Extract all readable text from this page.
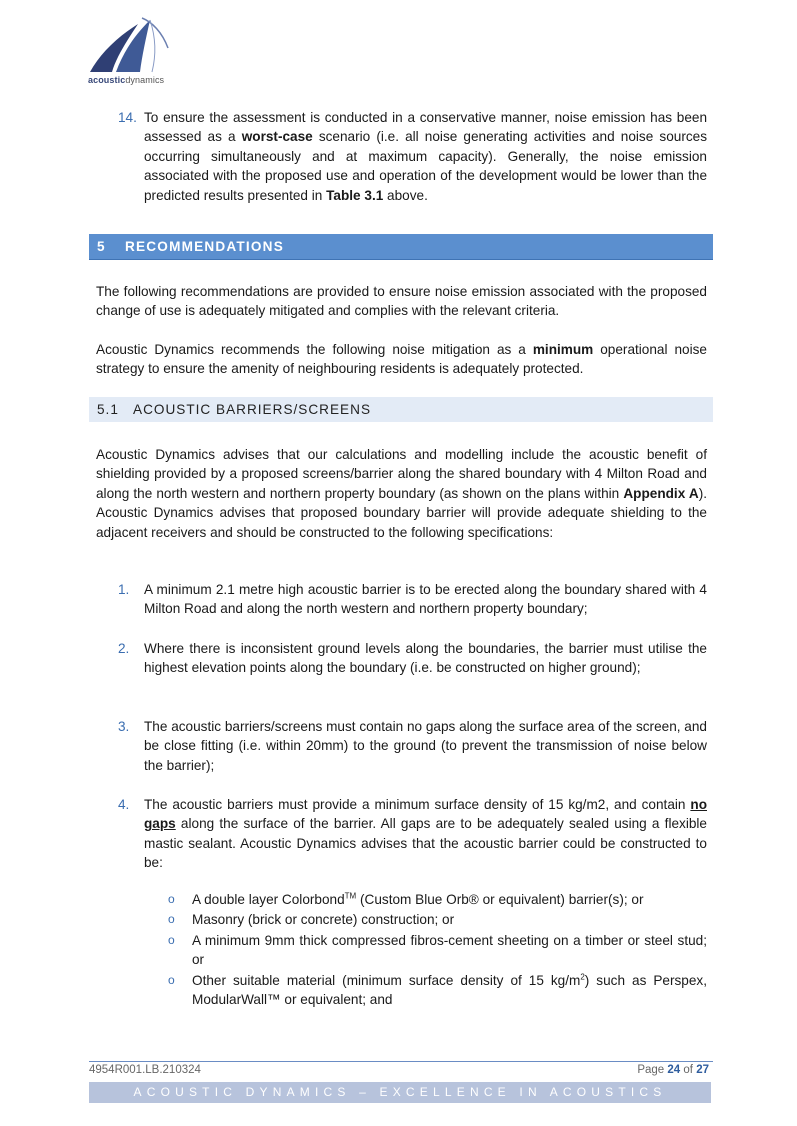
acousticdynamics
14. To ensure the assessment is conducted in a conservative manner, noise emission has been assessed as a worst-case scenario (i.e. all noise generating activities and noise sources occurring simultaneously and at maximum capacity). Generally, the noise emission associated with the proposed use and operation of the development would be lower than the predicted results presented in Table 3.1 above.
5 RECOMMENDATIONS
The following recommendations are provided to ensure noise emission associated with the proposed change of use is adequately mitigated and complies with the relevant criteria.
Acoustic Dynamics recommends the following noise mitigation as a minimum operational noise strategy to ensure the amenity of neighbouring residents is adequately protected.
5.1 ACOUSTIC BARRIERS/SCREENS
Acoustic Dynamics advises that our calculations and modelling include the acoustic benefit of shielding provided by a proposed screens/barrier along the shared boundary with 4 Milton Road and along the north western and northern property boundary (as shown on the plans within Appendix A). Acoustic Dynamics advises that proposed boundary barrier will provide adequate shielding to the adjacent receivers and should be constructed to the following specifications:
1. A minimum 2.1 metre high acoustic barrier is to be erected along the boundary shared with 4 Milton Road and along the north western and northern property boundary;
2. Where there is inconsistent ground levels along the boundaries, the barrier must utilise the highest elevation points along the boundary (i.e. be constructed on higher ground);
3. The acoustic barriers/screens must contain no gaps along the surface area of the screen, and be close fitting (i.e. within 20mm) to the ground (to prevent the transmission of noise below the barrier);
4. The acoustic barriers must provide a minimum surface density of 15 kg/m2, and contain no gaps along the surface of the barrier. All gaps are to be adequately sealed using a flexible mastic sealant. Acoustic Dynamics advises that the acoustic barrier could be constructed to be:
o A double layer Colorbond™ (Custom Blue Orb® or equivalent) barrier(s); or
o Masonry (brick or concrete) construction; or
o A minimum 9mm thick compressed fibros-cement sheeting on a timber or steel stud; or
o Other suitable material (minimum surface density of 15 $kg/m^2$) such as Perspex, ModularWall™ or equivalent; and
4954R001.LB.210324	Page 24 of 27
ACOUSTIC DYNAMICS – EXCELLENCE IN ACOUSTICS
